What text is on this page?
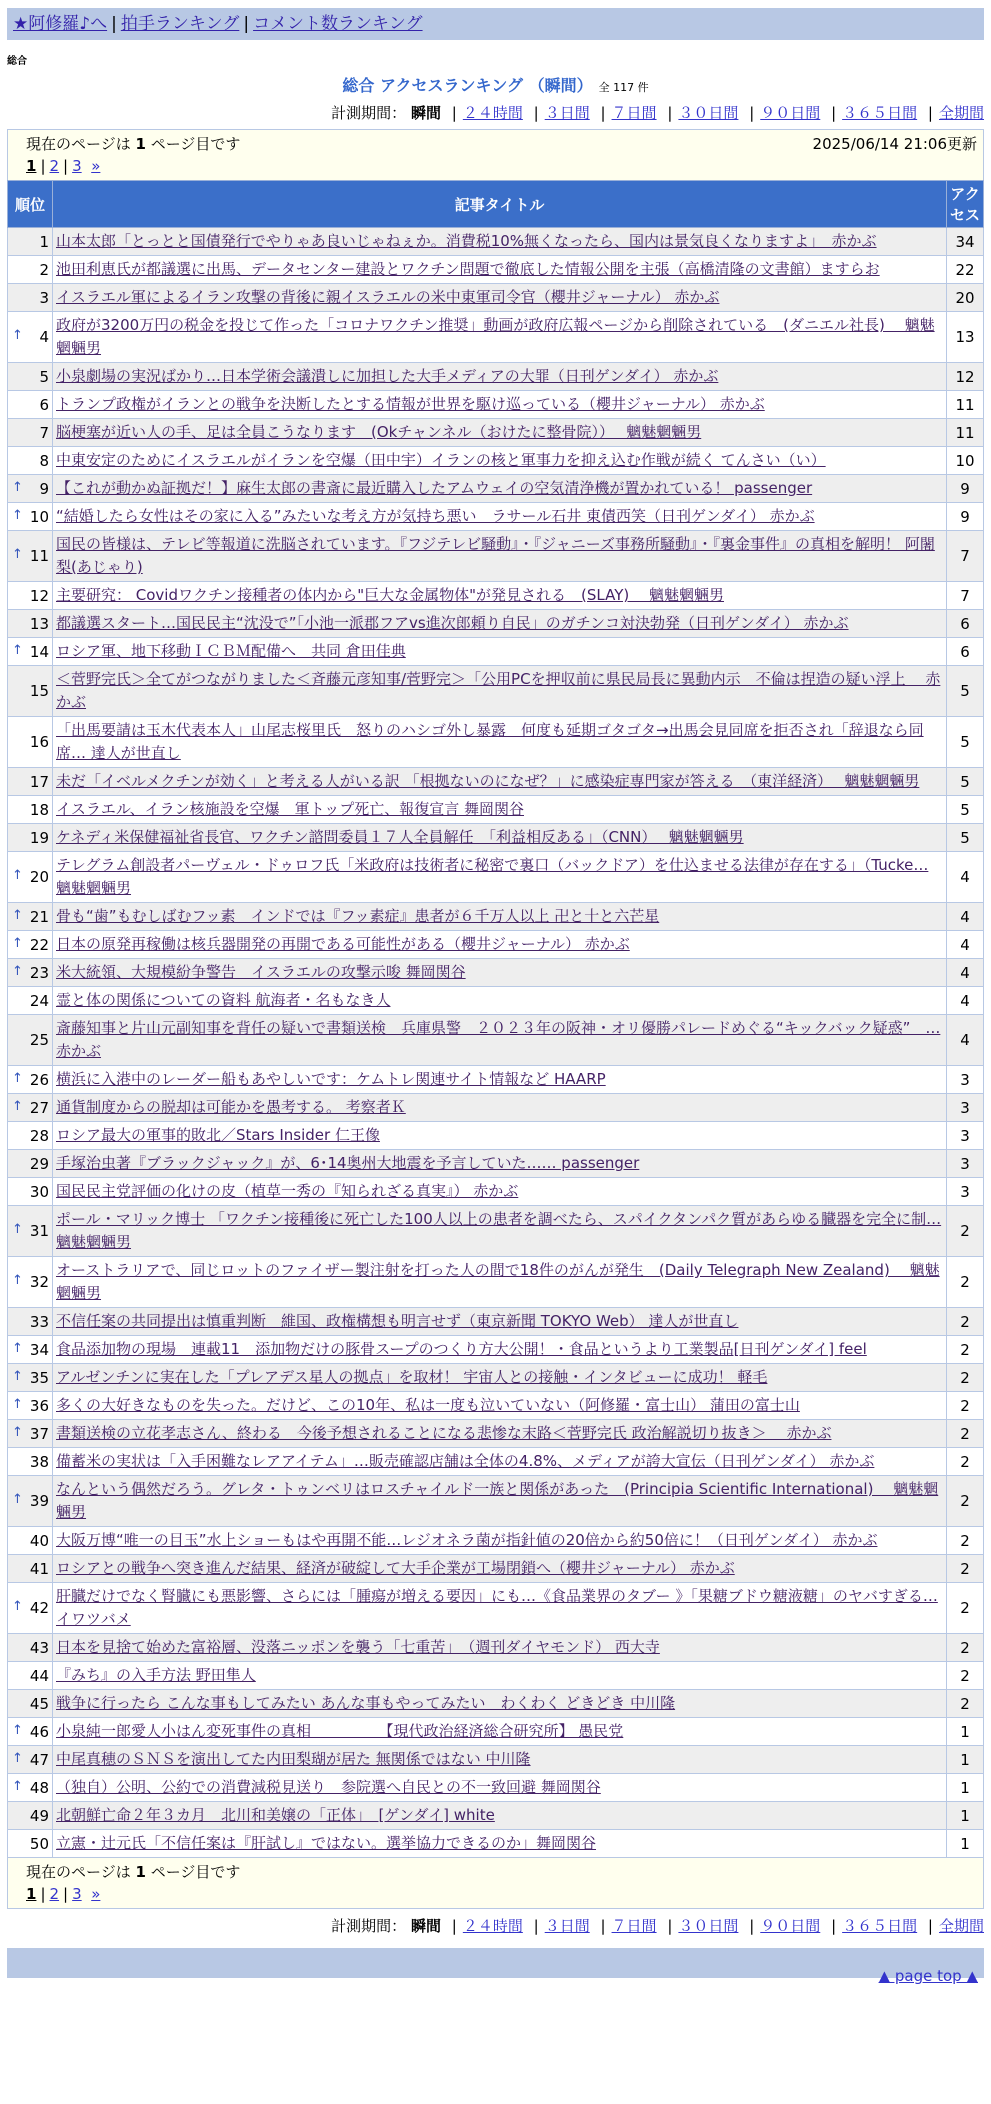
★阿修羅♪へ | 拍手ランキング | コメント数ランキング
総合
総合 アクセスランキング （瞬間） 全 117 件
計測期間： 瞬間 | ２４時間 | ３日間 | ７日間 | ３０日間 | ９０日間 | ３６５日間 | 全期間
現在のページは 1 ページ目です	2025/06/14 21:06更新
1 | 2 | 3 »
順位	記事タイトル	アクセス
1	山本太郎「とっとと国債発行でやりゃあ良いじゃねぇか。消費税10%無くなったら、国内は景気良くなりますよ」　赤かぶ	34
2	池田利恵氏が都議選に出馬、データセンター建設とワクチン問題で徹底した情報公開を主張（高橋清隆の文書館）ますらお	22
3	イスラエル軍によるイラン攻撃の背後に親イスラエルの米中東軍司令官（櫻井ジャーナル） 赤かぶ	20

↑ 4	政府が3200万円の税金を投じて作った「コロナワクチン推奨」動画が政府広報ページから削除されている　(ダニエル社長)　 魑魅魍魎男	13
5	小泉劇場の実況ばかり…日本学術会議潰しに加担した大手メディアの大罪（日刊ゲンダイ） 赤かぶ	12
6	トランプ政権がイランとの戦争を決断したとする情報が世界を駆け巡っている（櫻井ジャーナル） 赤かぶ	11
7	脳梗塞が近い人の手、足は全員こうなります　(Okチャンネル（おけたに整骨院））　 魑魅魍魎男	11
8	中東安定のためにイスラエルがイランを空爆（田中宇）イランの核と軍事力を抑え込む作戦が続く てんさい（い）	10

↑ 9	【これが動かぬ証拠だ！】麻生太郎の書斎に最近購入したアムウェイの空気清浄機が置かれている！ passenger	9

↑ 10	“結婚したら女性はその家に入る”みたいな考え方が気持ち悪い　ラサール石井 東債西笑（日刊ゲンダイ） 赤かぶ	9

↑ 11	国民の皆様は、テレビ等報道に洗脳されています。『フジテレビ騒動』・『ジャニーズ事務所騒動』・『裏金事件』の真相を解明！ 阿闍梨(あじゃり)	7
12	主要研究： Covidワクチン接種者の体内から"巨大な金属物体"が発見される　(SLAY)　 魑魅魍魎男	7
13	都議選スタート…国民民主“沈没で”「小池一派郡フアvs進次郎頼り自民」のガチンコ対決勃発（日刊ゲンダイ） 赤かぶ	6

↑ 14	ロシア軍、地下移動ＩＣＢＭ配備へ　共同 倉田佳典	6
15	＜菅野完氏＞全てがつながりました＜斉藤元彦知事/菅野完＞「公用PCを押収前に県民局長に異動内示　不倫は捏造の疑い浮上　 赤かぶ	5
16	「出馬要請は玉木代表本人」山尾志桜里氏　怒りのハシゴ外し暴露　何度も延期ゴタゴタ→出馬会見同席を拒否され「辞退なら同席… 達人が世直し	5
17	未だ「イベルメクチンが効く」と考える人がいる訳 「根拠ないのになぜ？」に感染症専門家が答える　（東洋経済）　 魑魅魍魎男	5
18	イスラエル、イラン核施設を空爆　軍トップ死亡、報復宣言 舞岡関谷	5
19	ケネディ米保健福祉省長官、ワクチン諮問委員１７人全員解任　「利益相反ある」（CNN）　 魑魅魍魎男	5

↑ 20	テレグラム創設者パーヴェル・ドゥロフ氏「米政府は技術者に秘密で裏口（バックドア）を仕込ませる法律が存在する」（Tucke… 魑魅魍魎男	4

↑ 21	骨も“歯”もむしばむフッ素　インドでは『フッ素症』患者が６千万人以上 卍と十と六芒星	4

↑ 22	日本の原発再稼働は核兵器開発の再開である可能性がある（櫻井ジャーナル） 赤かぶ	4

↑ 23	米大統領、大規模紛争警告　イスラエルの攻撃示唆 舞岡関谷	4
24	霊と体の関係についての資料 航海者・名もなき人	4
25	斎藤知事と片山元副知事を背任の疑いで書類送検　兵庫県警　２０２３年の阪神・オリ優勝パレードめぐる“キックバック疑惑”　… 赤かぶ	4

↑ 26	横浜に入港中のレーダー船もあやしいです：ケムトレ関連サイト情報など HAARP	3

↑ 27	通貨制度からの脱却は可能かを愚考する。 考察者Ｋ	3
28	ロシア最大の軍事的敗北／Stars Insider 仁王像	3
29	手塚治虫著『ブラックジャック』が、6･14奥州大地震を予言していた…… passenger	3
30	国民民主党評価の化けの皮（植草一秀の『知られざる真実』） 赤かぶ	3

↑ 31	ポール・マリック博士 「ワクチン接種後に死亡した100人以上の患者を調べたら、スパイクタンパク質があらゆる臓器を完全に制… 魑魅魍魎男	2

↑ 32	オーストラリアで、同じロットのファイザー製注射を打った人の間で18件のがんが発生　(Daily Telegraph New Zealand)　 魑魅魍魎男	2
33	不信任案の共同提出は慎重判断　維国、政権構想も明言せず（東京新聞 TOKYO Web） 達人が世直し	2

↑ 34	食品添加物の現場　連載11　添加物だけの豚骨スープのつくり方大公開！・食品というより工業製品[日刊ゲンダイ] feel	2

↑ 35	アルゼンチンに実在した「プレアデス星人の拠点」を取材！ 宇宙人との接触・インタビューに成功！ 軽毛	2

↑ 36	多くの大好きなものを失った。だけど、この10年、私は一度も泣いていない（阿修羅・富士山） 蒲田の富士山	2

↑ 37	書類送検の立花孝志さん、終わる　今後予想されることになる悲惨な末路＜菅野完氏 政治解説切り抜き＞　 赤かぶ	2
38	備蓄米の実状は「入手困難なレアアイテム」…販売確認店舗は全体の4.8%、メディアが誇大宣伝（日刊ゲンダイ） 赤かぶ	2

↑ 39	なんという偶然だろう。グレタ・トゥンベリはロスチャイルド一族と関係があった　(Principia Scientific International)　 魑魅魍魎男	2
40	大阪万博“唯一の目玉”水上ショーもはや再開不能…レジオネラ菌が指針値の20倍から約50倍に！（日刊ゲンダイ） 赤かぶ	2
41	ロシアとの戦争へ突き進んだ結果、経済が破綻して大手企業が工場閉鎖へ（櫻井ジャーナル） 赤かぶ	2

↑ 42	肝臓だけでなく腎臓にも悪影響、さらには「腫瘍が増える要因」にも…《食品業界のタブー 》「果糖ブドウ糖液糖」のヤバすぎる… イワツバメ	2
43	日本を見捨て始めた富裕層、没落ニッポンを襲う「七重苦」　（週刊ダイヤモンド） 西大寺	2
44	『みち』の入手方法 野田隼人	2
45	戦争に行ったら こんな事もしてみたい あんな事もやってみたい　わくわく どきどき 中川隆	2

↑ 46	小泉純一郎愛人小はん変死事件の真相　　　　　【現代政治経済総合研究所】 愚民党	1

↑ 47	中尾真穂のＳＮＳを演出してた内田梨瑚が居た 無関係ではない 中川隆	1

↑ 48	（独自）公明、公約での消費減税見送り　参院選へ自民との不一致回避 舞岡関谷	1
49	北朝鮮亡命２年３カ月　北川和美嬢の「正体」　[ゲンダイ] white	1
50	立憲・辻元氏「不信任案は『肝試し』ではない。選挙協力できるのか」舞岡関谷	1
現在のページは 1 ページ目です
1 | 2 | 3 »
計測期間： 瞬間 | ２４時間 | ３日間 | ７日間 | ３０日間 | ９０日間 | ３６５日間 | 全期間
▲ page top ▲
